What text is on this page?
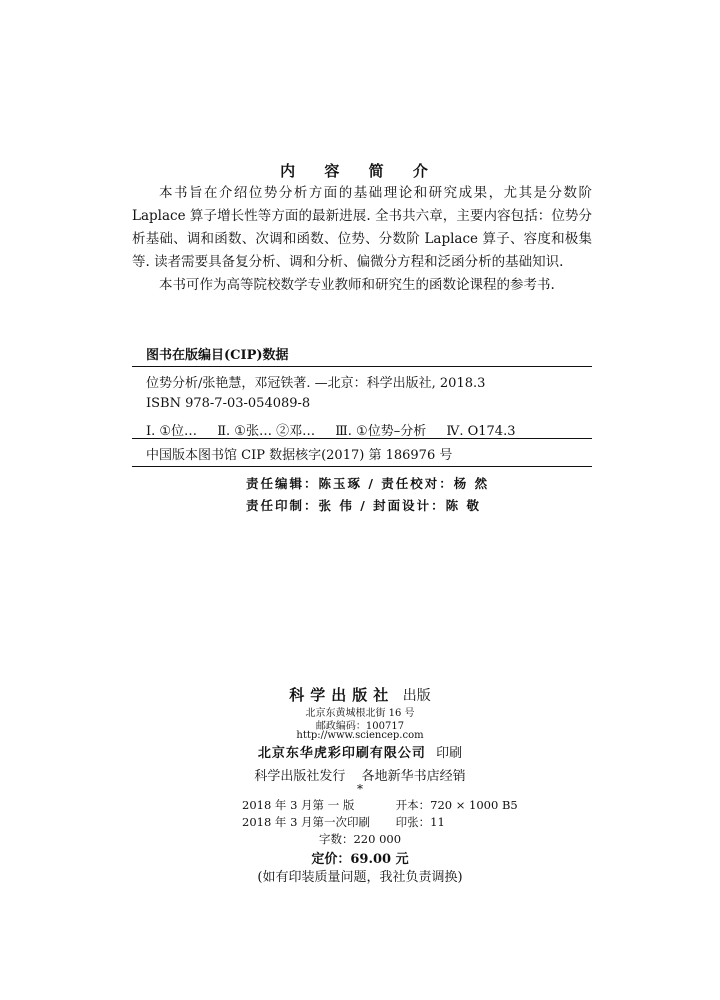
内 容 简 介

本书旨在介绍位势分析方面的基础理论和研究成果，尤其是分数阶 Laplace 算子增长性等方面的最新进展. 全书共六章，主要内容包括：位势分析基础、调和函数、次调和函数、位势、分数阶 Laplace 算子、容度和极集等. 读者需要具备复分析、调和分析、偏微分方程和泛函分析的基础知识.

本书可作为高等院校数学专业教师和研究生的函数论课程的参考书.

图书在版编目(CIP)数据
位势分析/张艳慧，邓冠铁著. —北京：科学出版社, 2018.3
ISBN 978-7-03-054089-8
Ⅰ. ①位… Ⅱ. ①张… ②邓… Ⅲ. ①位势–分析 Ⅳ. O174.3
中国版本图书馆 CIP 数据核字(2017) 第 186976 号
责任编辑：陈玉琢 / 责任校对：杨 然
责任印制：张 伟 / 封面设计：陈 敬
科学出版社 出版
北京东黄城根北街 16 号
邮政编码：100717
http://www.sciencep.com
北京东华虎彩印刷有限公司 印刷
科学出版社发行 各地新华书店经销
*
2018 年 3 月第 一 版	开本：720 × 1000 B5
2018 年 3 月第一次印刷 印张：11
字数：220 000
定价：69.00 元
(如有印装质量问题，我社负责调换)
